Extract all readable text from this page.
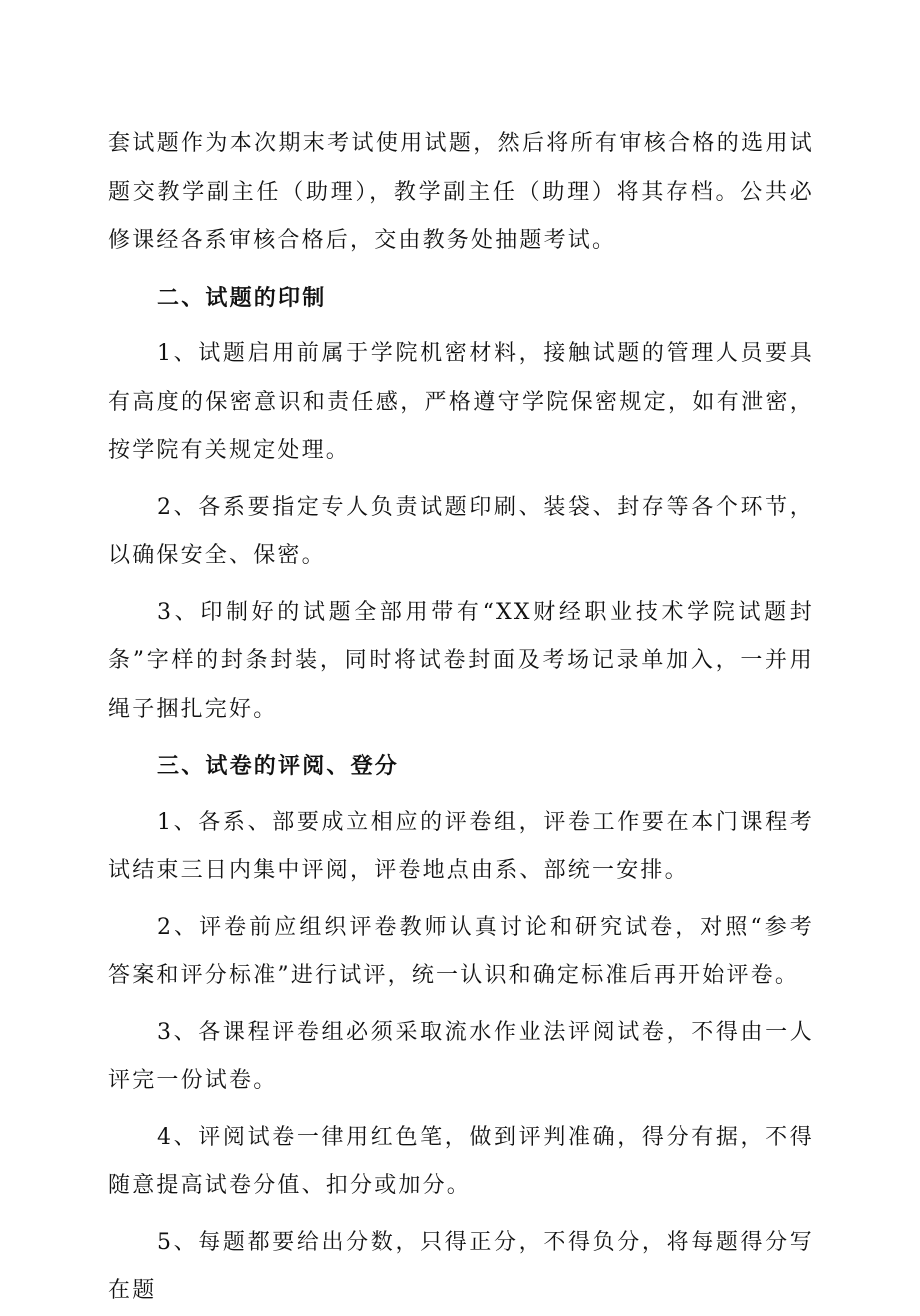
套试题作为本次期末考试使用试题，然后将所有审核合格的选用试题交教学副主任（助理），教学副主任（助理）将其存档。公共必修课经各系审核合格后，交由教务处抽题考试。

二、试题的印制

1、试题启用前属于学院机密材料，接触试题的管理人员要具有高度的保密意识和责任感，严格遵守学院保密规定，如有泄密，按学院有关规定处理。

2、各系要指定专人负责试题印刷、装袋、封存等各个环节，以确保安全、保密。

3、印制好的试题全部用带有“XX财经职业技术学院试题封条”字样的封条封装，同时将试卷封面及考场记录单加入，一并用绳子捆扎完好。

三、试卷的评阅、登分

1、各系、部要成立相应的评卷组，评卷工作要在本门课程考试结束三日内集中评阅，评卷地点由系、部统一安排。

2、评卷前应组织评卷教师认真讨论和研究试卷，对照“参考答案和评分标准”进行试评，统一认识和确定标准后再开始评卷。

3、各课程评卷组必须采取流水作业法评阅试卷，不得由一人评完一份试卷。

4、评阅试卷一律用红色笔，做到评判准确，得分有据，不得随意提高试卷分值、扣分或加分。

5、每题都要给出分数，只得正分，不得负分，将每题得分写在题
